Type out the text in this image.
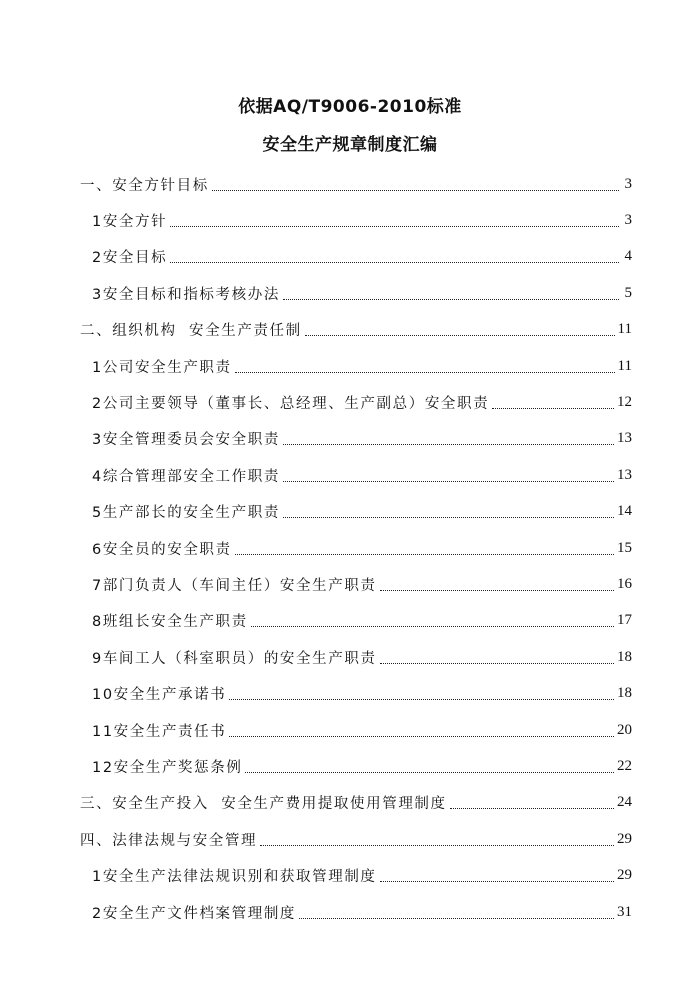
依据AQ/T9006-2010标准
安全生产规章制度汇编
一、安全方针目标	3
1安全方针	3
2安全目标	4
3安全目标和指标考核办法	5
二、组织机构  安全生产责任制	11
1公司安全生产职责	11
2公司主要领导（董事长、总经理、生产副总）安全职责	12
3安全管理委员会安全职责	13
4综合管理部安全工作职责	13
5生产部长的安全生产职责	14
6安全员的安全职责	15
7部门负责人（车间主任）安全生产职责	16
8班组长安全生产职责	17
9车间工人（科室职员）的安全生产职责	18
10安全生产承诺书	18
11安全生产责任书	20
12安全生产奖惩条例	22
三、安全生产投入  安全生产费用提取使用管理制度	24
四、法律法规与安全管理	29
1安全生产法律法规识别和获取管理制度	29
2安全生产文件档案管理制度	31
